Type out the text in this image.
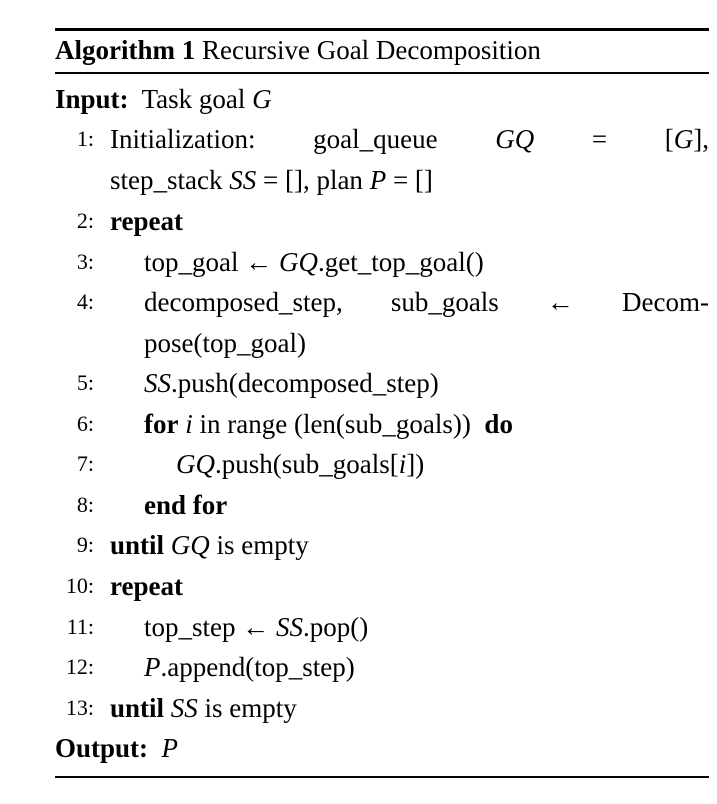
Algorithm 1 Recursive Goal Decomposition
Input: Task goal G
1: Initialization: goal_queue GQ = [G],
step_stack SS = [], plan P = []
2: repeat
3: top_goal ← GQ.get_top_goal()
4: decomposed_step, sub_goals ← Decom-
pose(top_goal)
5: SS.push(decomposed_step)
6: for i in range (len(sub_goals)) do
7:	GQ.push(sub_goals[i])
8: end for
9: until GQ is empty
10: repeat
11: top_step ← SS.pop()
12: P.append(top_step)
13: until SS is empty
Output: P
